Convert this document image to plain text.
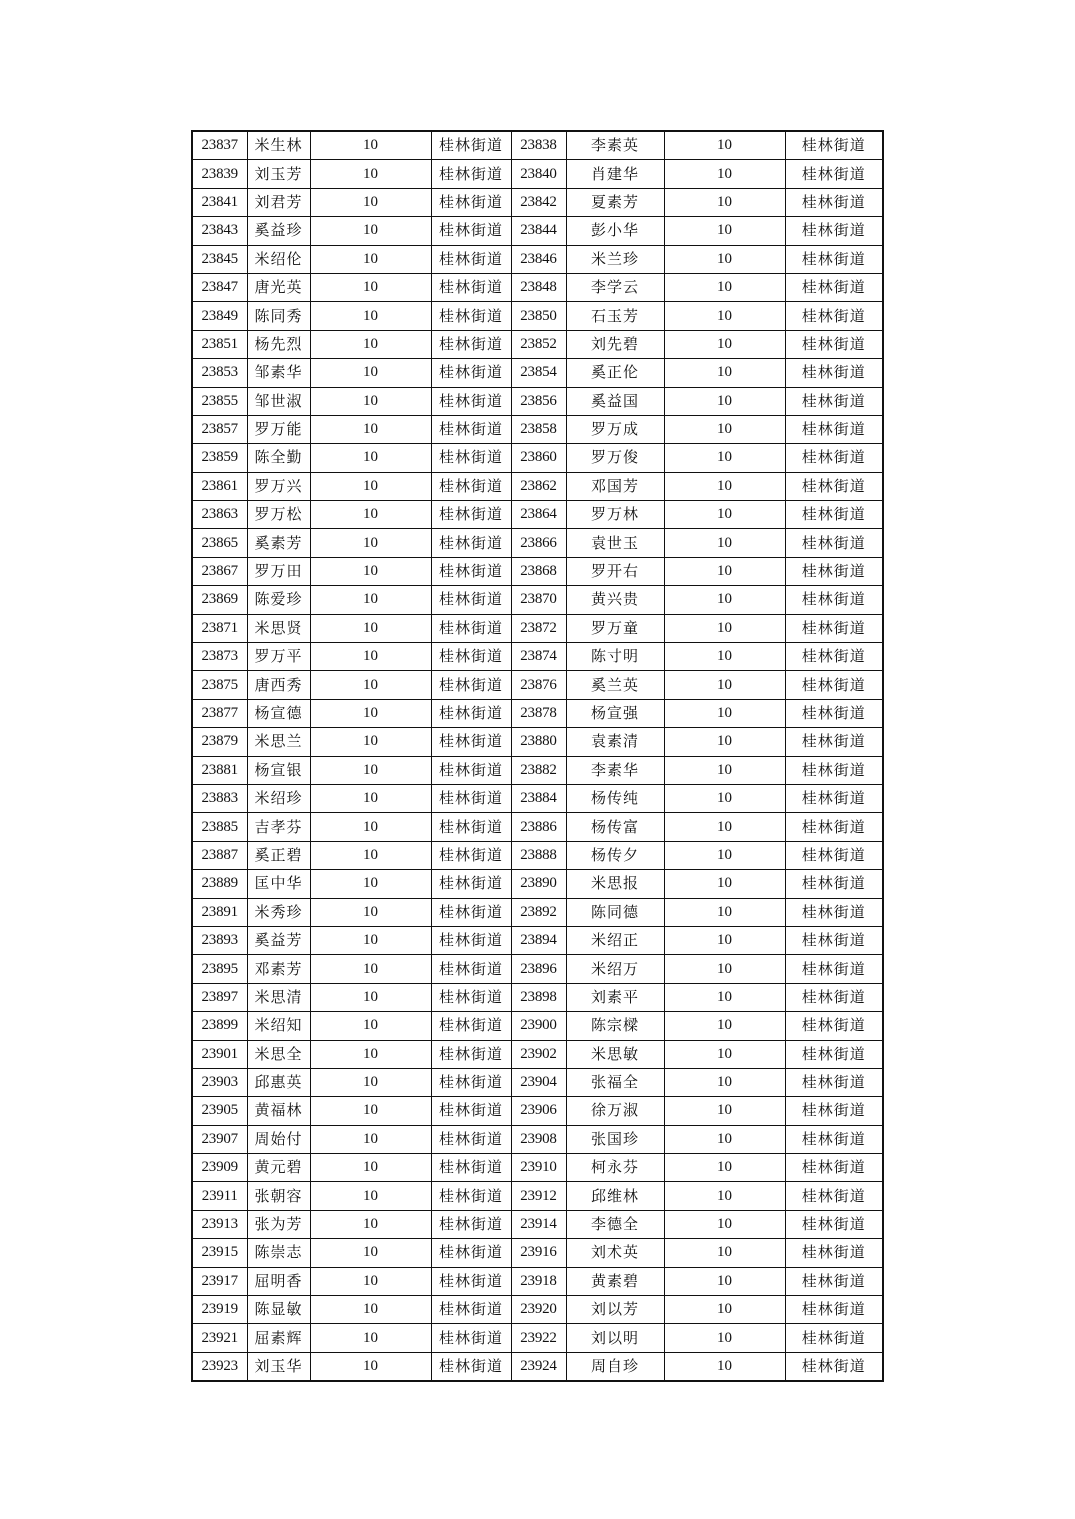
23837	米生林	10	桂林街道	23838	李素英	10	桂林街道
23839	刘玉芳	10	桂林街道	23840	肖建华	10	桂林街道
23841	刘君芳	10	桂林街道	23842	夏素芳	10	桂林街道
23843	奚益珍	10	桂林街道	23844	彭小华	10	桂林街道
23845	米绍伦	10	桂林街道	23846	米兰珍	10	桂林街道
23847	唐光英	10	桂林街道	23848	李学云	10	桂林街道
23849	陈同秀	10	桂林街道	23850	石玉芳	10	桂林街道
23851	杨先烈	10	桂林街道	23852	刘先碧	10	桂林街道
23853	邹素华	10	桂林街道	23854	奚正伦	10	桂林街道
23855	邹世淑	10	桂林街道	23856	奚益国	10	桂林街道
23857	罗万能	10	桂林街道	23858	罗万成	10	桂林街道
23859	陈全勤	10	桂林街道	23860	罗万俊	10	桂林街道
23861	罗万兴	10	桂林街道	23862	邓国芳	10	桂林街道
23863	罗万松	10	桂林街道	23864	罗万林	10	桂林街道
23865	奚素芳	10	桂林街道	23866	袁世玉	10	桂林街道
23867	罗万田	10	桂林街道	23868	罗开右	10	桂林街道
23869	陈爱珍	10	桂林街道	23870	黄兴贵	10	桂林街道
23871	米思贤	10	桂林街道	23872	罗万童	10	桂林街道
23873	罗万平	10	桂林街道	23874	陈寸明	10	桂林街道
23875	唐西秀	10	桂林街道	23876	奚兰英	10	桂林街道
23877	杨宣德	10	桂林街道	23878	杨宣强	10	桂林街道
23879	米思兰	10	桂林街道	23880	袁素清	10	桂林街道
23881	杨宣银	10	桂林街道	23882	李素华	10	桂林街道
23883	米绍珍	10	桂林街道	23884	杨传纯	10	桂林街道
23885	吉孝芬	10	桂林街道	23886	杨传富	10	桂林街道
23887	奚正碧	10	桂林街道	23888	杨传夕	10	桂林街道
23889	匡中华	10	桂林街道	23890	米思报	10	桂林街道
23891	米秀珍	10	桂林街道	23892	陈同德	10	桂林街道
23893	奚益芳	10	桂林街道	23894	米绍正	10	桂林街道
23895	邓素芳	10	桂林街道	23896	米绍万	10	桂林街道
23897	米思清	10	桂林街道	23898	刘素平	10	桂林街道
23899	米绍知	10	桂林街道	23900	陈宗樑	10	桂林街道
23901	米思全	10	桂林街道	23902	米思敏	10	桂林街道
23903	邱惠英	10	桂林街道	23904	张福全	10	桂林街道
23905	黄福林	10	桂林街道	23906	徐万淑	10	桂林街道
23907	周始付	10	桂林街道	23908	张国珍	10	桂林街道
23909	黄元碧	10	桂林街道	23910	柯永芬	10	桂林街道
23911	张朝容	10	桂林街道	23912	邱维林	10	桂林街道
23913	张为芳	10	桂林街道	23914	李德全	10	桂林街道
23915	陈崇志	10	桂林街道	23916	刘术英	10	桂林街道
23917	屈明香	10	桂林街道	23918	黄素碧	10	桂林街道
23919	陈显敏	10	桂林街道	23920	刘以芳	10	桂林街道
23921	屈素辉	10	桂林街道	23922	刘以明	10	桂林街道
23923	刘玉华	10	桂林街道	23924	周自珍	10	桂林街道
